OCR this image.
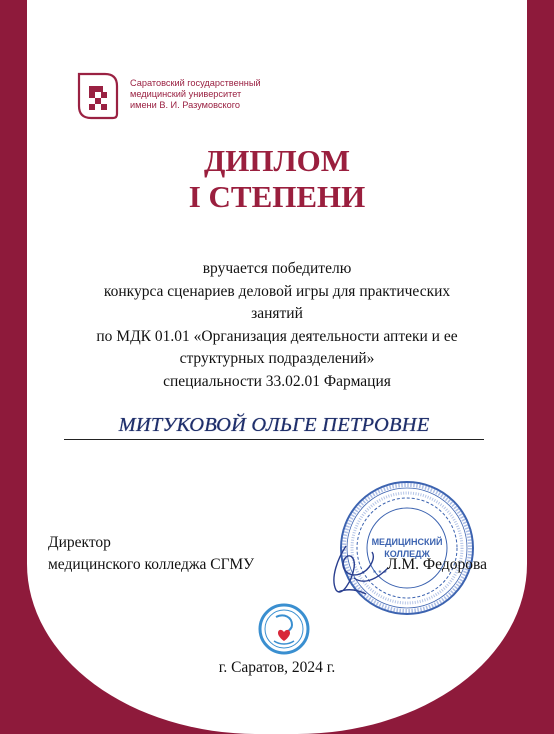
Саратовский государственный
медицинский университет
имени В. И. Разумовского
ДИПЛОМ
I СТЕПЕНИ
вручается победителю
конкурса сценариев деловой игры для практических
занятий
по МДК 01.01 «Организация деятельности аптеки и ее
структурных подразделений»
специальности 33.02.01 Фармация
МИТУКОВОЙ ОЛЬГЕ ПЕТРОВНЕ
МЕДИЦИНСКИЙ
КОЛЛЕДЖ
* * *
Директор
медицинского колледжа СГМУ	Л.М. Федорова
г. Саратов, 2024 г.
